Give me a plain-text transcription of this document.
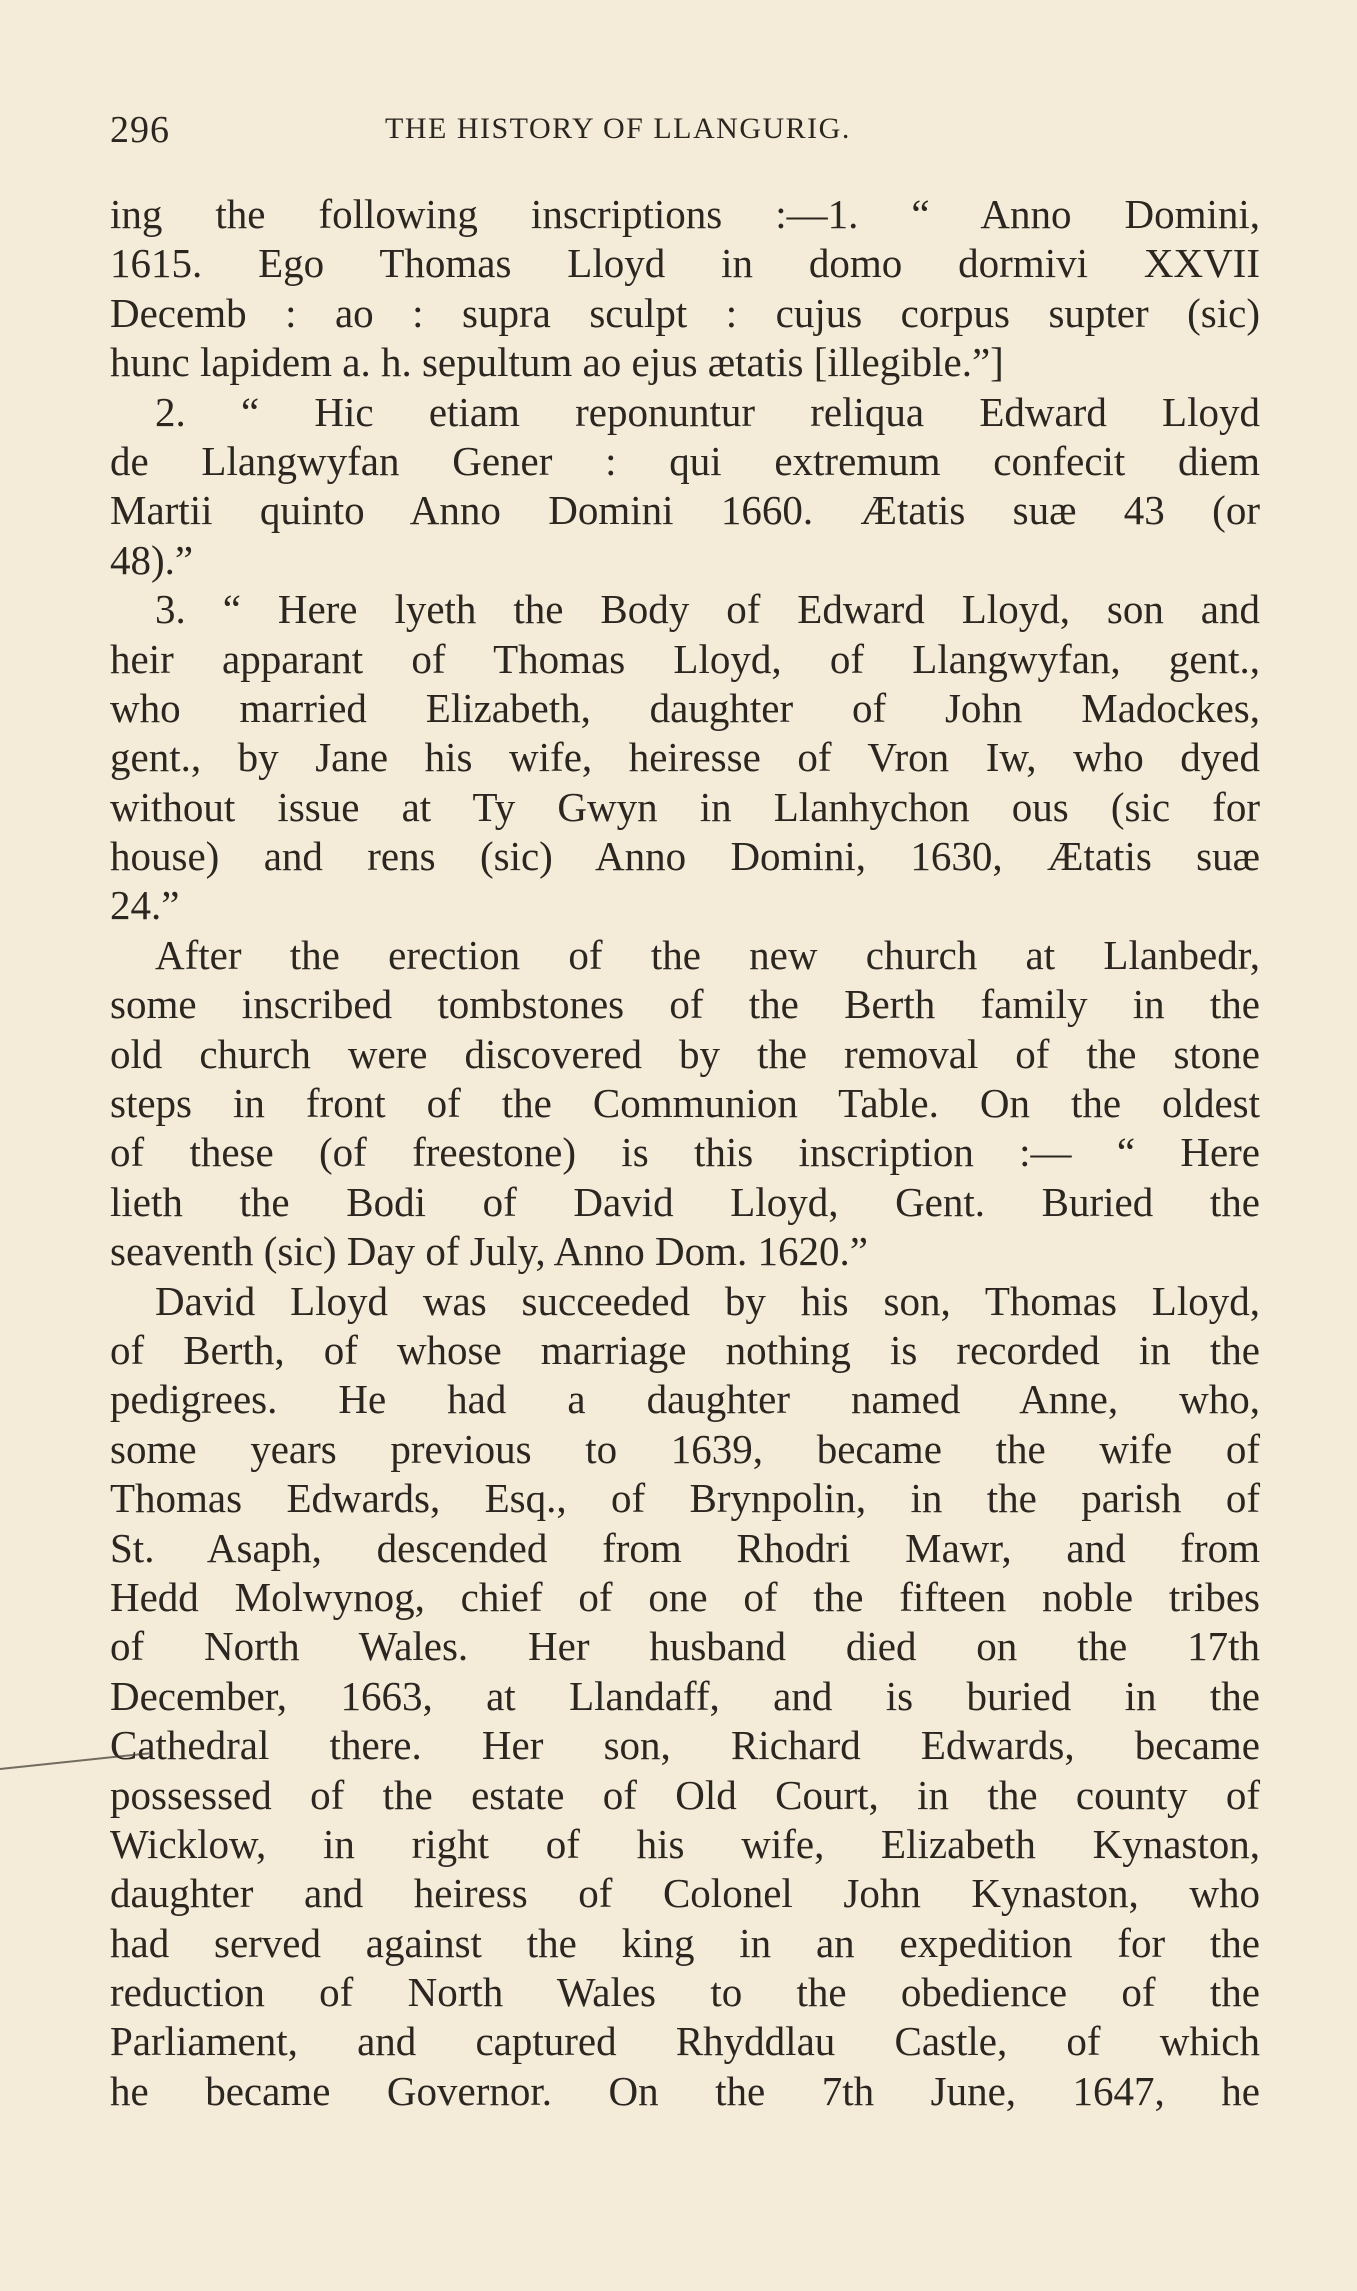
296	THE HISTORY OF LLANGURIG.
ing the following inscriptions :—1. “ Anno Domini,
1615. Ego Thomas Lloyd in domo dormivi XXVII
Decemb : ao : supra sculpt : cujus corpus supter (sic)
hunc lapidem a. h. sepultum ao ejus ætatis [illegible.”]
2. “ Hic etiam reponuntur reliqua Edward Lloyd
de Llangwyfan Gener : qui extremum confecit diem
Martii quinto Anno Domini 1660. Ætatis suæ 43 (or
48).”
3. “ Here lyeth the Body of Edward Lloyd, son and
heir apparant of Thomas Lloyd, of Llangwyfan, gent.,
who married Elizabeth, daughter of John Madockes,
gent., by Jane his wife, heiresse of Vron Iw, who dyed
without issue at Ty Gwyn in Llanhychon ous (sic for
house) and rens (sic) Anno Domini, 1630, Ætatis suæ
24.”
After the erection of the new church at Llanbedr,
some inscribed tombstones of the Berth family in the
old church were discovered by the removal of the stone
steps in front of the Communion Table. On the oldest
of these (of freestone) is this inscription :— “ Here
lieth the Bodi of David Lloyd, Gent. Buried the
seaventh (sic) Day of July, Anno Dom. 1620.”
David Lloyd was succeeded by his son, Thomas Lloyd,
of Berth, of whose marriage nothing is recorded in the
pedigrees. He had a daughter named Anne, who,
some years previous to 1639, became the wife of
Thomas Edwards, Esq., of Brynpolin, in the parish of
St. Asaph, descended from Rhodri Mawr, and from
Hedd Molwynog, chief of one of the fifteen noble tribes
of North Wales. Her husband died on the 17th
December, 1663, at Llandaff, and is buried in the
Cathedral there. Her son, Richard Edwards, became
possessed of the estate of Old Court, in the county of
Wicklow, in right of his wife, Elizabeth Kynaston,
daughter and heiress of Colonel John Kynaston, who
had served against the king in an expedition for the
reduction of North Wales to the obedience of the
Parliament, and captured Rhyddlau Castle, of which
he became Governor. On the 7th June, 1647, he
